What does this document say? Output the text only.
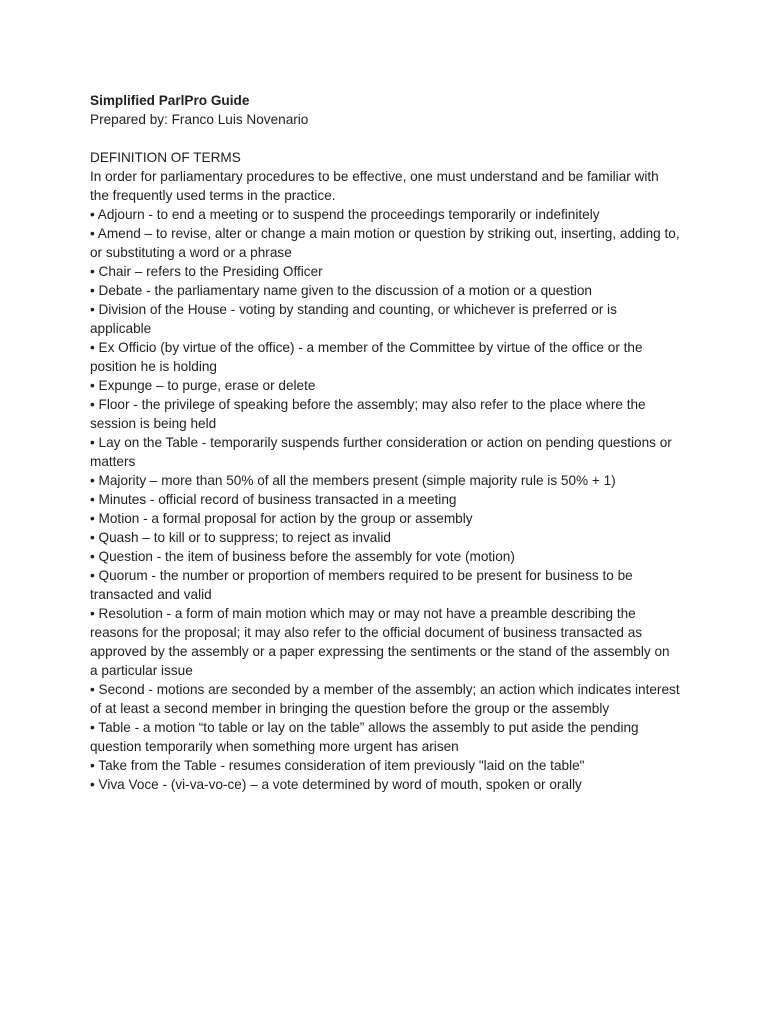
Simplified ParlPro Guide

Prepared by: Franco Luis Novenario

DEFINITION OF TERMS

In order for parliamentary procedures to be effective, one must understand and be familiar with the frequently used terms in the practice.

• Adjourn - to end a meeting or to suspend the proceedings temporarily or indefinitely

• Amend – to revise, alter or change a main motion or question by striking out, inserting, adding to, or substituting a word or a phrase

• Chair – refers to the Presiding Officer

• Debate - the parliamentary name given to the discussion of a motion or a question

• Division of the House - voting by standing and counting, or whichever is preferred or is applicable

• Ex Officio (by virtue of the office) - a member of the Committee by virtue of the office or the position he is holding

• Expunge – to purge, erase or delete

• Floor - the privilege of speaking before the assembly; may also refer to the place where the session is being held

• Lay on the Table - temporarily suspends further consideration or action on pending questions or matters

• Majority – more than 50% of all the members present (simple majority rule is 50% + 1)

• Minutes - official record of business transacted in a meeting

• Motion - a formal proposal for action by the group or assembly

• Quash – to kill or to suppress; to reject as invalid

• Question - the item of business before the assembly for vote (motion)

• Quorum - the number or proportion of members required to be present for business to be transacted and valid

• Resolution - a form of main motion which may or may not have a preamble describing the reasons for the proposal; it may also refer to the official document of business transacted as approved by the assembly or a paper expressing the sentiments or the stand of the assembly on a particular issue

• Second - motions are seconded by a member of the assembly; an action which indicates interest of at least a second member in bringing the question before the group or the assembly

• Table - a motion “to table or lay on the table” allows the assembly to put aside the pending question temporarily when something more urgent has arisen

• Take from the Table - resumes consideration of item previously "laid on the table"

• Viva Voce - (vi-va-vo-ce) – a vote determined by word of mouth, spoken or orally
